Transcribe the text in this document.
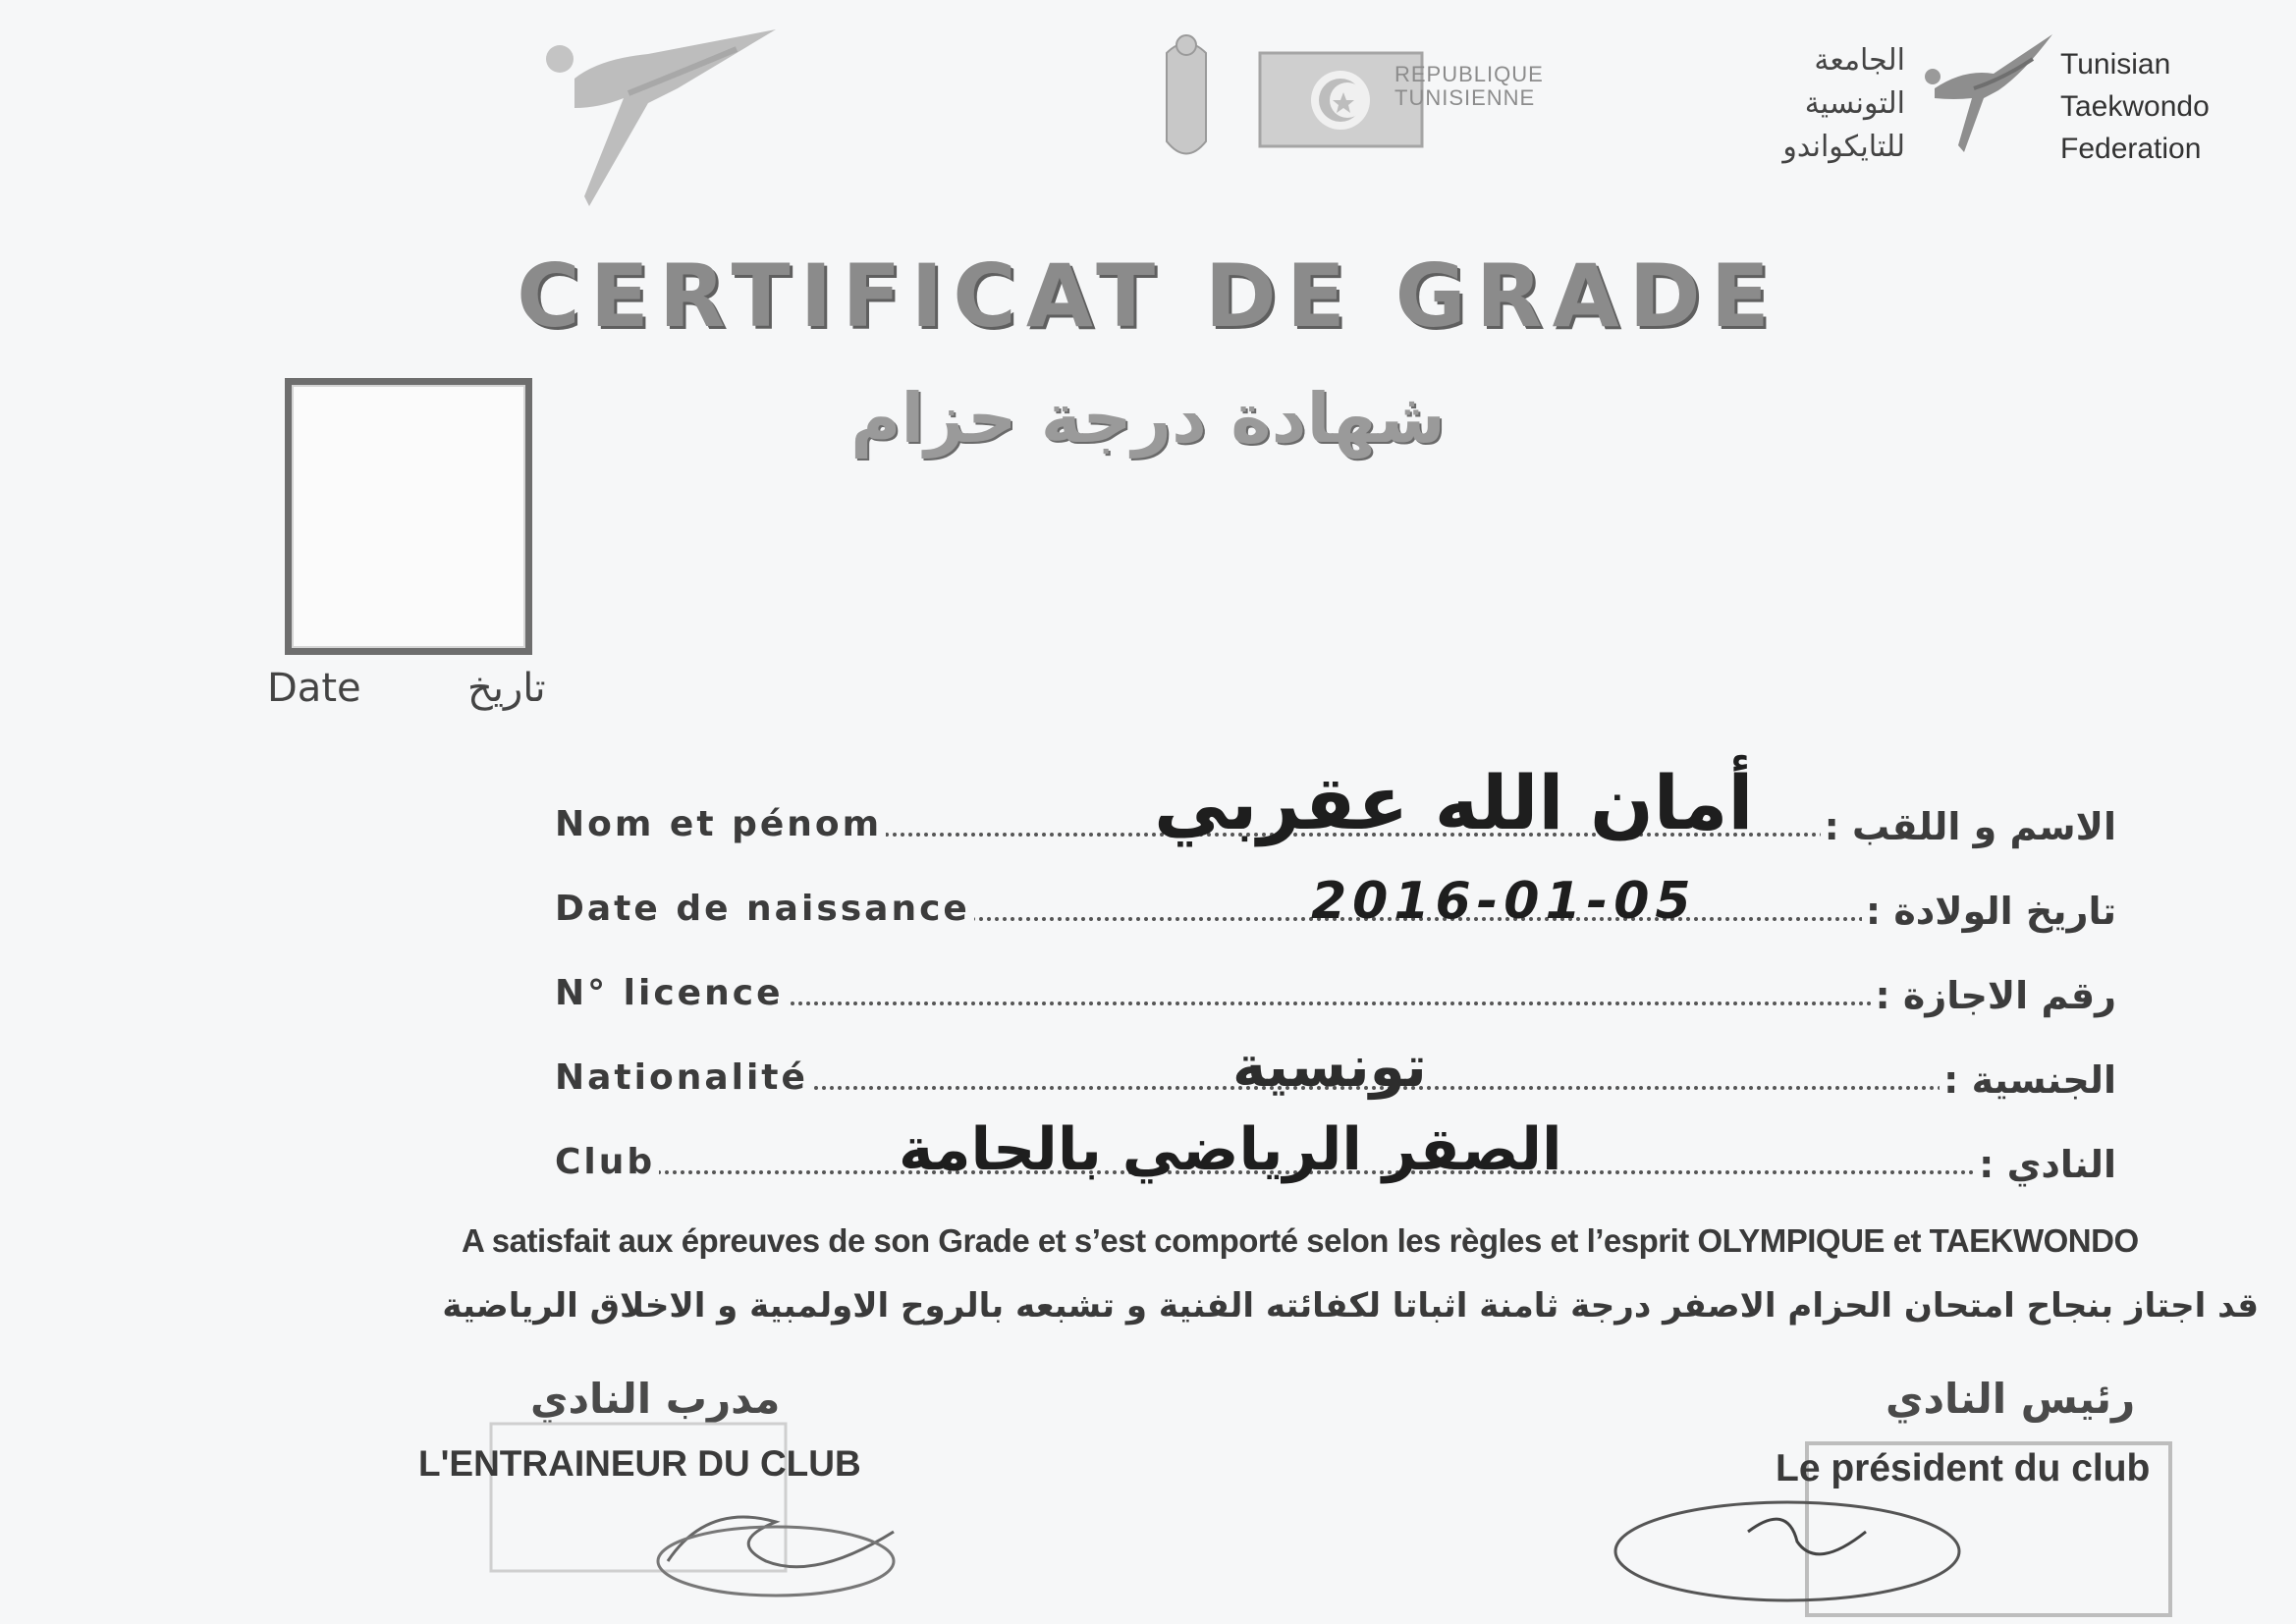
REPUBLIQUE
TUNISIENNE
الجامعة
التونسية
للتايكواندو
Tunisian
Taekwondo
Federation
CERTIFICAT DE GRADE
شهادة درجة حزام
Date	تاريخ
Nom et pénom	الاسم و اللقب :
أمان الله عقربي
Date de naissance	تاريخ الولادة :
2016-01-05
N° licence	رقم الاجازة :
Nationalité	الجنسية :
تونسية
Club	النادي :
الصقر الرياضي بالحامة
A satisfait aux épreuves de son Grade et s’est comporté selon les règles et l’esprit OLYMPIQUE et TAEKWONDO
قد اجتاز بنجاح امتحان الحزام الاصفر درجة ثامنة اثباتا لكفائته الفنية و تشبعه بالروح الاولمبية و الاخلاق الرياضية
مدرب النادي
L'ENTRAINEUR DU CLUB
رئيس النادي
Le président du club
